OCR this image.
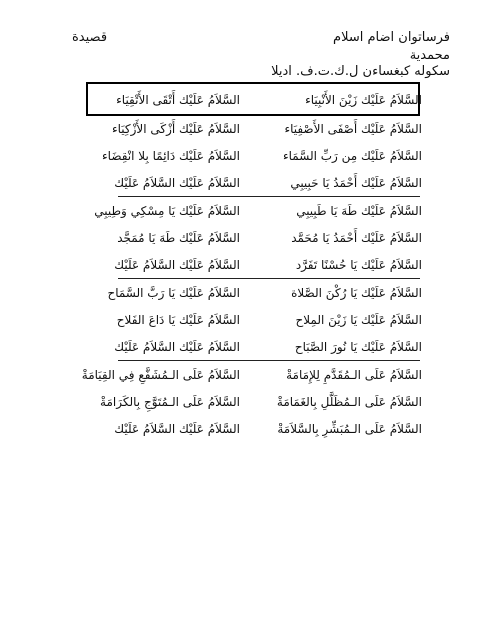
فرساتوان اضام اسلام
قصيدة
محمدية
سكوله كبغساءن ل.ك.ت.ف. اديلا
السَّلاَمُ عَلَيْك زَيْنَ الأَنْبِيَاء
السَّلاَمُ عَلَيْك أَتْقَى الأَتْقِيَاء
السَّلاَمُ عَلَيْك أَصْفَى الأَصْفِيَاء
السَّلاَمُ عَلَيْك أَزْكَى الأَزْكِيَاء
السَّلاَمُ عَلَيْك مِن رَبِّ السَّمَاء
السَّلاَمُ عَلَيْك دَائِمًا بِلا انْقِضَاء
السَّلاَمُ عَلَيْك أَحْمَدُ يَا حَبِيبِي
السَّلاَمُ عَلَيْك السَّلاَمُ عَلَيْك
السَّلاَمُ عَلَيْك طَهَ يَا طَبِيبِي
السَّلاَمُ عَلَيْك يَا مِسْكِي وَطِيبِي
السَّلاَمُ عَلَيْك أَحْمَدُ يَا مُحَمَّد
السَّلاَمُ عَلَيْك طَهَ يَا مُمَجَّد
السَّلاَمُ عَلَيْك يَا حُسْنًا تَفَرَّد
السَّلاَمُ عَلَيْك السَّلاَمُ عَلَيْك
السَّلاَمُ عَلَيْك يَا رُكْنَ الصَّلاة
السَّلاَمُ عَلَيْك يَا رَبَّ السَّمَاح
السَّلاَمُ عَلَيْك يَا زَيْنَ المِلاح
السَّلاَمُ عَلَيْك يَا دَاعَ الفَلاح
السَّلاَمُ عَلَيْك يَا نُورَ الصَّبَاح
السَّلاَمُ عَلَيْك السَّلاَمُ عَلَيْك
السَّلاَمُ عَلَى الـمُقَدَّمِ لِلإِمَامَةْ
السَّلاَمُ عَلَى الـمُشَفَّعِ فِي القِيَامَةْ
السَّلاَمُ عَلَى الـمُظَلَّلِ بِالغَمَامَةْ
السَّلاَمُ عَلَى الـمُتَوَّجِ بِالكَرَامَةْ
السَّلاَمُ عَلَى الـمُبَشِّرِ بِالسَّلاَمَةْ
السَّلاَمُ عَلَيْك السَّلاَمُ عَلَيْك
